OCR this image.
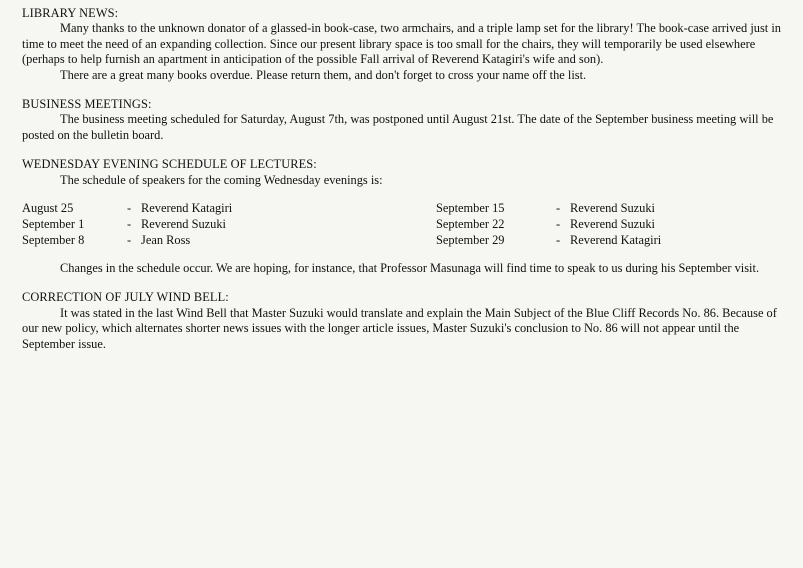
LIBRARY NEWS:

Many thanks to the unknown donator of a glassed-in book-case, two armchairs, and a triple lamp set for the library! The book-case arrived just in time to meet the need of an expanding collection. Since our present library space is too small for the chairs, they will temporarily be used elsewhere (perhaps to help furnish an apartment in anticipation of the possible Fall arrival of Reverend Katagiri's wife and son).

There are a great many books overdue. Please return them, and don't forget to cross your name off the list.

BUSINESS MEETINGS:

The business meeting scheduled for Saturday, August 7th, was postponed until August 21st. The date of the September business meeting will be posted on the bulletin board.

WEDNESDAY EVENING SCHEDULE OF LECTURES:

The schedule of speakers for the coming Wednesday evenings is:

August 25	- Reverend Katagiri
September 1	- Reverend Suzuki
September 8	- Jean Ross
September 15	- Reverend Suzuki
September 22	- Reverend Suzuki
September 29	- Reverend Katagiri

Changes in the schedule occur. We are hoping, for instance, that Professor Masunaga will find time to speak to us during his September visit.

CORRECTION OF JULY WIND BELL:

It was stated in the last Wind Bell that Master Suzuki would translate and explain the Main Subject of the Blue Cliff Records No. 86. Because of our new policy, which alternates shorter news issues with the longer article issues, Master Suzuki's conclusion to No. 86 will not appear until the September issue.
